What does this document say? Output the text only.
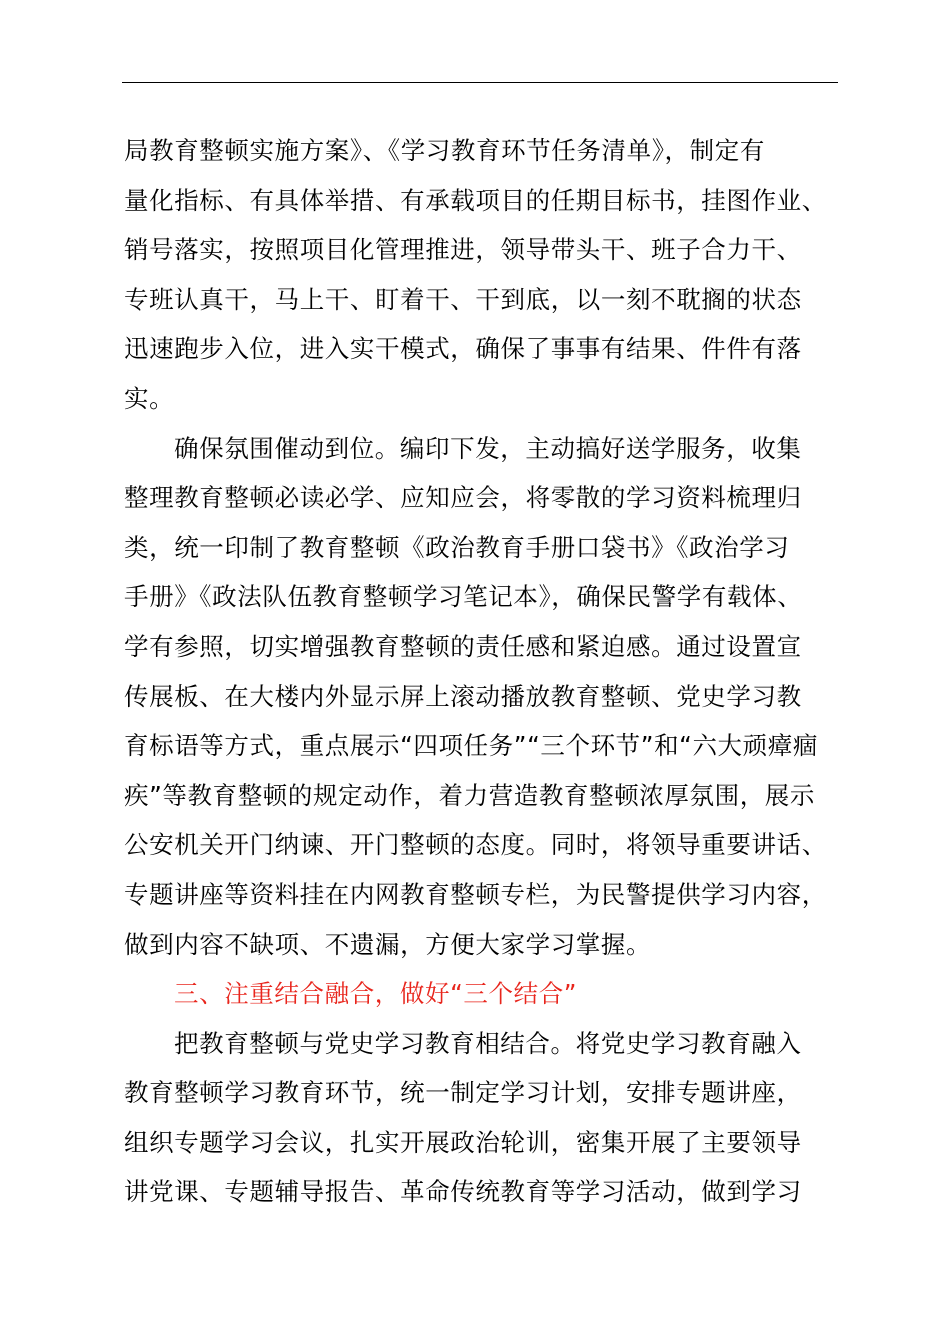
局教育整顿实施方案》、《学习教育环节任务清单》，制定有
量化指标、有具体举措、有承载项目的任期目标书，挂图作业、
销号落实，按照项目化管理推进，领导带头干、班子合力干、
专班认真干，马上干、盯着干、干到底，以一刻不耽搁的状态
迅速跑步入位，进入实干模式，确保了事事有结果、件件有落
实。
确保氛围催动到位。编印下发，主动搞好送学服务，收集
整理教育整顿必读必学、应知应会，将零散的学习资料梳理归
类，统一印制了教育整顿《政治教育手册口袋书》《政治学习
手册》《政法队伍教育整顿学习笔记本》，确保民警学有载体、
学有参照，切实增强教育整顿的责任感和紧迫感。通过设置宣
传展板、在大楼内外显示屏上滚动播放教育整顿、党史学习教
育标语等方式，重点展示“四项任务”“三个环节”和“六大顽瘴痼
疾”等教育整顿的规定动作，着力营造教育整顿浓厚氛围，展示
公安机关开门纳谏、开门整顿的态度。同时，将领导重要讲话、
专题讲座等资料挂在内网教育整顿专栏，为民警提供学习内容，
做到内容不缺项、不遗漏，方便大家学习掌握。
三、注重结合融合，做好“三个结合”
把教育整顿与党史学习教育相结合。将党史学习教育融入
教育整顿学习教育环节，统一制定学习计划，安排专题讲座，
组织专题学习会议，扎实开展政治轮训，密集开展了主要领导
讲党课、专题辅导报告、革命传统教育等学习活动，做到学习
